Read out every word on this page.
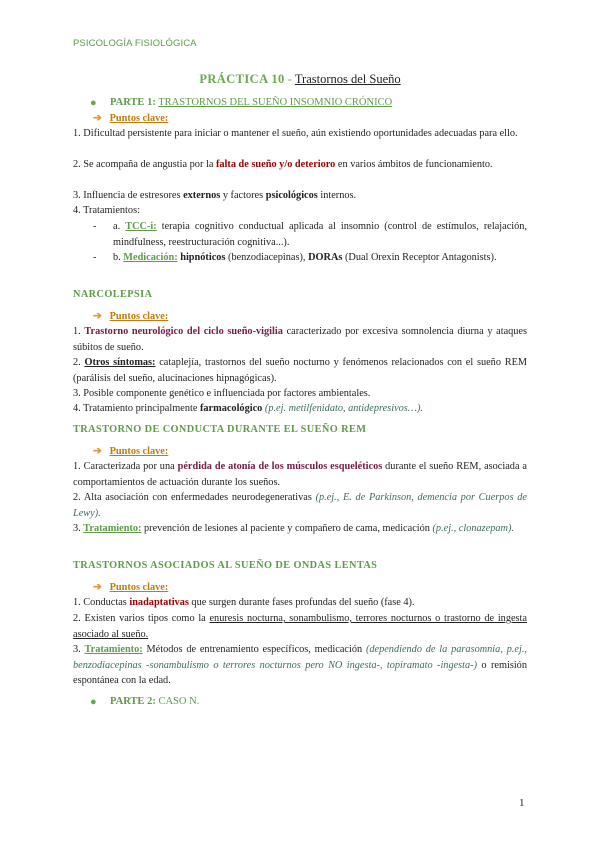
PSICOLOGÍA FISIOLÓGICA
PRÁCTICA 10 - Trastornos del Sueño
● PARTE 1: TRASTORNOS DEL SUEÑO INSOMNIO CRÓNICO
➔ Puntos clave:
1. Dificultad persistente para iniciar o mantener el sueño, aún existiendo oportunidades adecuadas para ello.
2. Se acompaña de angustia por la falta de sueño y/o deterioro en varios ámbitos de funcionamiento.
3. Influencia de estresores externos y factores psicológicos internos.
4. Tratamientos:
- a. TCC-i: terapia cognitivo conductual aplicada al insomnio (control de estímulos, relajación, mindfulness, reestructuración cognitiva...).
- b. Medicación: hipnóticos (benzodiacepinas), DORAs (Dual Orexin Receptor Antagonists).
NARCOLEPSIA
➔ Puntos clave:
1. Trastorno neurológico del ciclo sueño-vigilia caracterizado por excesiva somnolencia diurna y ataques súbitos de sueño.
2. Otros síntomas: cataplejía, trastornos del sueño nocturno y fenómenos relacionados con el sueño REM (parálisis del sueño, alucinaciones hipnagógicas).
3. Posible componente genético e influenciada por factores ambientales.
4. Tratamiento principalmente farmacológico (p.ej. metilfenidato, antidepresivos…).
TRASTORNO DE CONDUCTA DURANTE EL SUEÑO REM
➔ Puntos clave:
1. Caracterizada por una pérdida de atonía de los músculos esqueléticos durante el sueño REM, asociada a comportamientos de actuación durante los sueños.
2. Alta asociación con enfermedades neurodegenerativas (p.ej., E. de Parkinson, demencia por Cuerpos de Lewy).
3. Tratamiento: prevención de lesiones al paciente y compañero de cama, medicación (p.ej., clonazepam).
TRASTORNOS ASOCIADOS AL SUEÑO DE ONDAS LENTAS
➔ Puntos clave:
1. Conductas inadaptativas que surgen durante fases profundas del sueño (fase 4).
2. Existen varios tipos como la enuresis nocturna, sonambulismo, terrores nocturnos o trastorno de ingesta asociado al sueño.
3. Tratamiento: Métodos de entrenamiento específicos, medicación (dependiendo de la parasomnia, p.ej., benzodiacepinas -sonambulismo o terrores nocturnos pero NO ingesta-, topiramato -ingesta-) o remisión espontánea con la edad.
● PARTE 2: CASO N.
1
